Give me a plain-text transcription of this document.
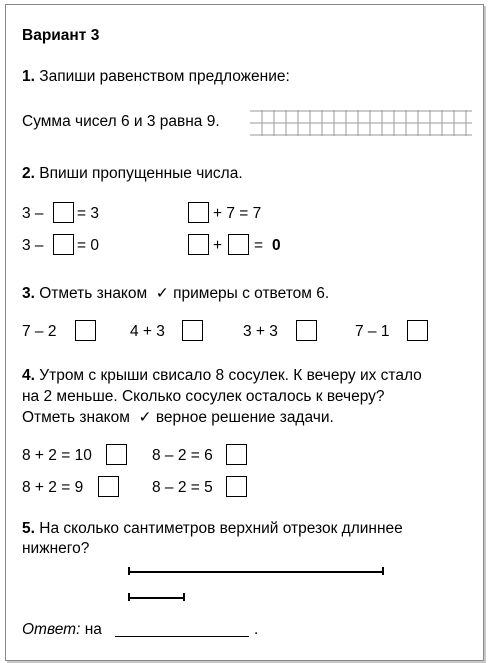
Вариант 3
1. Запиши равенством предложение:
Сумма чисел 6 и 3 равна 9.
2. Впиши пропущенные числа.
3 – = 3	+ 7 = 7
3 – = 0	+ = 0
3. Отметь знаком ✓ примеры с ответом 6.
7 – 2	4 + 3	3 + 3	7 – 1
4. Утром с крыши свисало 8 сосулек. К вечеру их стало
на 2 меньше. Сколько сосулек осталось к вечеру?
Отметь знаком ✓ верное решение задачи.
8 + 2 = 10	8 – 2 = 6
8 + 2 = 9	8 – 2 = 5
5. На сколько сантиметров верхний отрезок длиннее
нижнего?
Ответ: на	.
